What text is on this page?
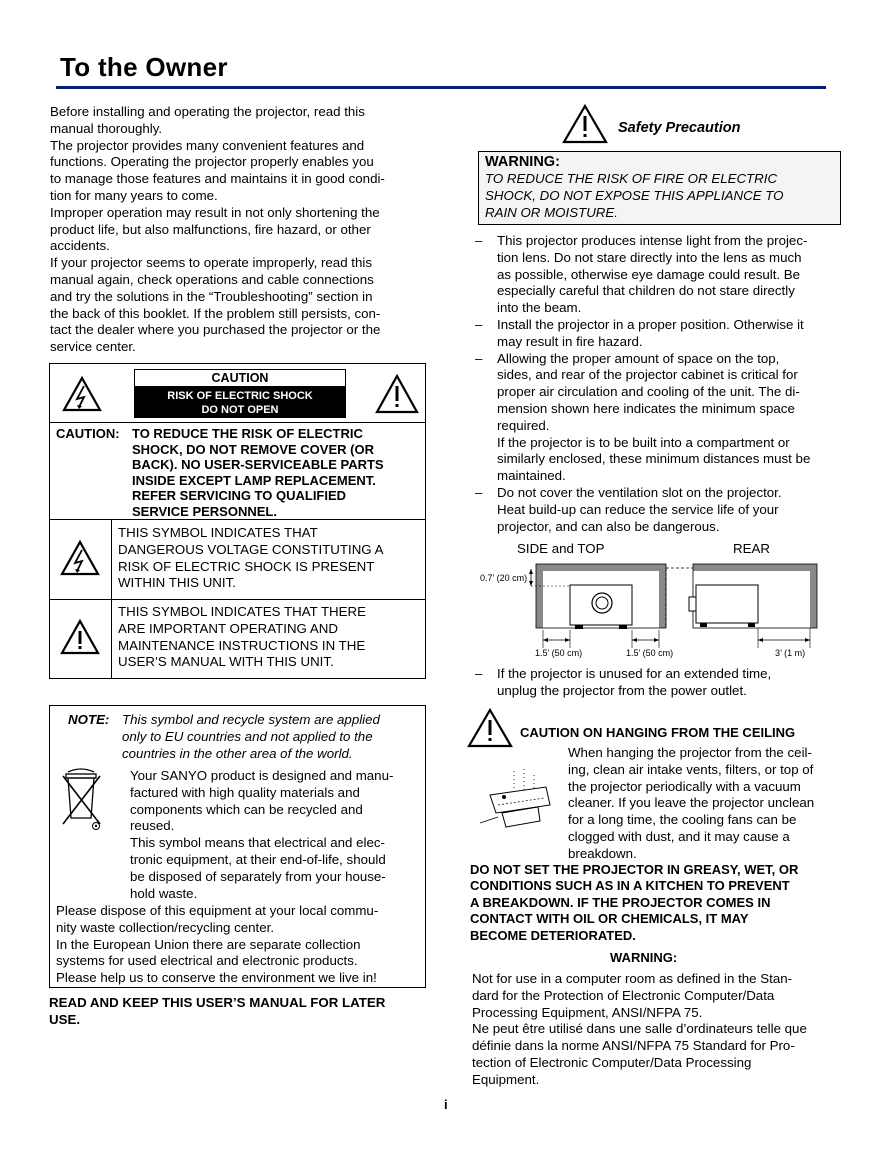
To the Owner

Before installing and operating the projector, read this

manual thoroughly.

The projector provides many convenient features and

functions. Operating the projector properly enables you

to manage those features and maintains it in good condi-

tion for many years to come.

Improper operation may result in not only shortening the

product life, but also malfunctions, fire hazard, or other

accidents.

If your projector seems to operate improperly, read this

manual again, check operations and cable connections

and try the solutions in the “Troubleshooting” section in

the back of this booklet. If the problem still persists, con-

tact the dealer where you purchased the projector or the

service center.

CAUTION
RISK OF ELECTRIC SHOCK
DO NOT OPEN
CAUTION: TO REDUCE THE RISK OF ELECTRIC
SHOCK, DO NOT REMOVE COVER (OR
BACK). NO USER-SERVICEABLE PARTS
INSIDE EXCEPT LAMP REPLACEMENT.
REFER SERVICING TO QUALIFIED
SERVICE PERSONNEL.
THIS SYMBOL INDICATES THAT
DANGEROUS VOLTAGE CONSTITUTING A
RISK OF ELECTRIC SHOCK IS PRESENT
WITHIN THIS UNIT.
THIS SYMBOL INDICATES THAT THERE
ARE IMPORTANT OPERATING AND
MAINTENANCE INSTRUCTIONS IN THE
USER’S MANUAL WITH THIS UNIT.
NOTE: This symbol and recycle system are applied
only to EU countries and not applied to the
countries in the other area of the world.
Your SANYO product is designed and manu-
factured with high quality materials and
components which can be recycled and
reused.
This symbol means that electrical and elec-
tronic equipment, at their end-of-life, should
be disposed of separately from your house-
hold waste.
Please dispose of this equipment at your local commu-
nity waste collection/recycling center.
In the European Union there are separate collection
systems for used electrical and electronic products.
Please help us to conserve the environment we live in!
READ AND KEEP THIS USER’S MANUAL FOR LATER
USE.
Safety Precaution
WARNING:
TO REDUCE THE RISK OF FIRE OR ELECTRIC
SHOCK, DO NOT EXPOSE THIS APPLIANCE TO
RAIN OR MOISTURE.
– This projector produces intense light from the projec-
tion lens. Do not stare directly into the lens as much
as possible, otherwise eye damage could result. Be
especially careful that children do not stare directly
into the beam.
– Install the projector in a proper position. Otherwise it
may result in fire hazard.
– Allowing the proper amount of space on the top,
sides, and rear of the projector cabinet is critical for
proper air circulation and cooling of the unit. The di-
mension shown here indicates the minimum space
required.
If the projector is to be built into a compartment or
similarly enclosed, these minimum distances must be
maintained.
– Do not cover the ventilation slot on the projector.
Heat build-up can reduce the service life of your
projector, and can also be dangerous.
SIDE and TOP	REAR
0.7’ (20 cm)
1.5’ (50 cm)	1.5’ (50 cm)	3’ (1 m)
– If the projector is unused for an extended time,
unplug the projector from the power outlet.
CAUTION ON HANGING FROM THE CEILING
When hanging the projector from the ceil-
ing, clean air intake vents, filters, or top of
the projector periodically with a vacuum
cleaner. If you leave the projector unclean
for a long time, the cooling fans can be
clogged with dust, and it may cause a
breakdown.
DO NOT SET THE PROJECTOR IN GREASY, WET, OR
CONDITIONS SUCH AS IN A KITCHEN TO PREVENT
A BREAKDOWN. IF THE PROJECTOR COMES IN
CONTACT WITH OIL OR CHEMICALS, IT MAY
BECOME DETERIORATED.
WARNING:
Not for use in a computer room as defined in the Stan-
dard for the Protection of Electronic Computer/Data
Processing Equipment, ANSI/NFPA 75.
Ne peut être utilisé dans une salle d’ordinateurs telle que
définie dans la norme ANSI/NFPA 75 Standard for Pro-
tection of Electronic Computer/Data Processing
Equipment.
i
